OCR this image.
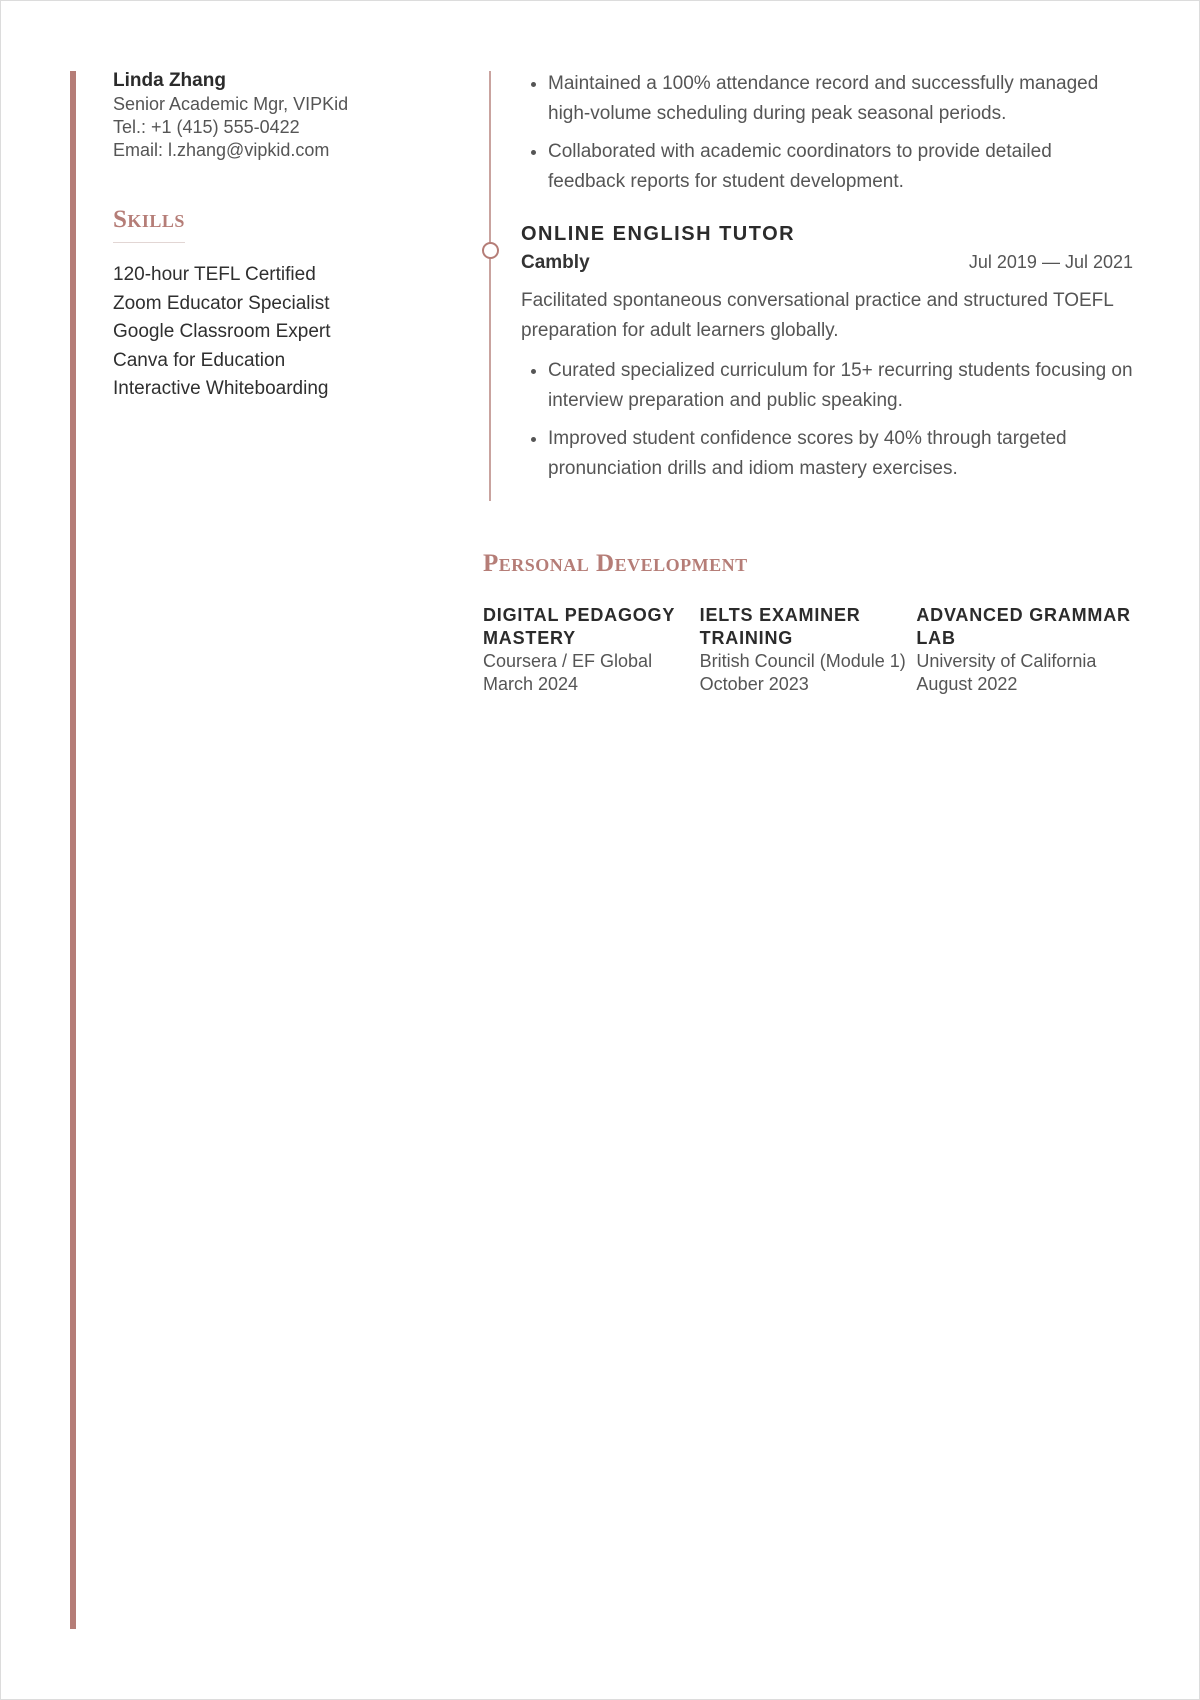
Linda Zhang
Senior Academic Mgr, VIPKid
Tel.: +1 (415) 555-0422
Email: l.zhang@vipkid.com
Skills
120-hour TEFL Certified
Zoom Educator Specialist
Google Classroom Expert
Canva for Education
Interactive Whiteboarding
• Maintained a 100% attendance record and successfully managed high-volume scheduling during peak seasonal periods.
• Collaborated with academic coordinators to provide detailed feedback reports for student development.
ONLINE ENGLISH TUTOR
Cambly	Jul 2019 — Jul 2021

Facilitated spontaneous conversational practice and structured TOEFL preparation for adult learners globally.

• Curated specialized curriculum for 15+ recurring students focusing on interview preparation and public speaking.
• Improved student confidence scores by 40% through targeted pronunciation drills and idiom mastery exercises.
Personal Development
DIGITAL PEDAGOGY MASTERY
Coursera / EF Global
March 2024
IELTS EXAMINER TRAINING
British Council (Module 1)
October 2023
ADVANCED GRAMMAR LAB
University of California
August 2022
